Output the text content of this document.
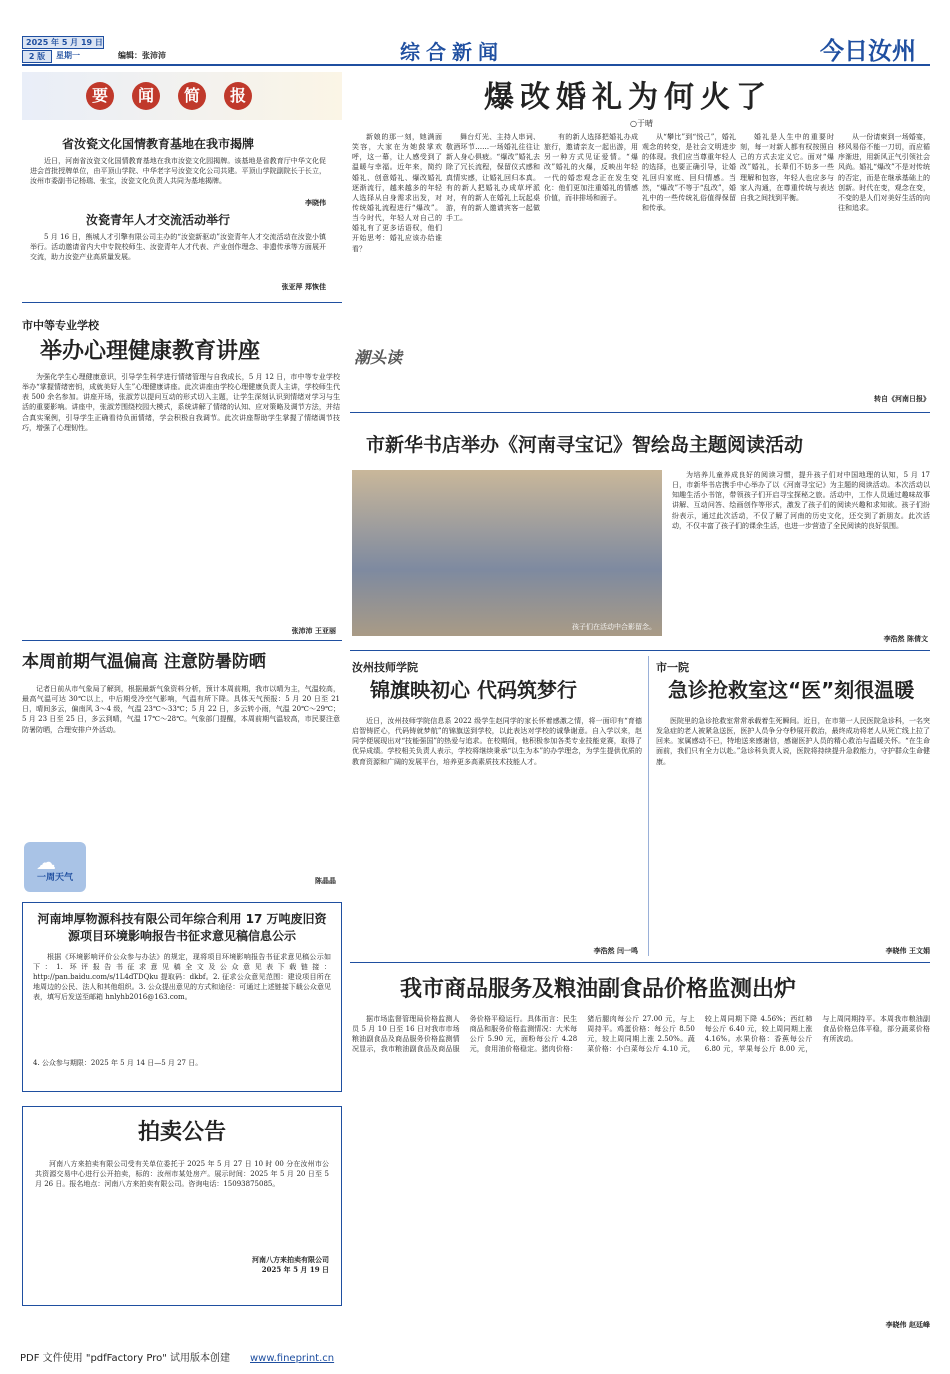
2025 年 5 月 19 日
2 版	星期一	编辑：张沛沛	综合新闻	今日汝州
要	闻	简	报
省汝瓷文化国情教育基地在我市揭牌
近日，河南省汝瓷文化国情教育基地在我市汝瓷文化园揭牌。该基地是省教育厅中华文化促进会首批授牌单位，由平顶山学院、中华老字号汝瓷文化公司共建。平顶山学院副院长于长立，汝州市委副书记杨瑞、张宝，汝瓷文化负责人共同为基地揭牌。
李晓伟
汝瓷青年人才交流活动举行
5 月 16 日，熊城人才引擎有限公司主办的“汝瓷新驱动”汝瓷青年人才交流活动在汝瓷小镇举行。活动邀请省内大中专院校师生、汝瓷青年人才代表、产业创作理念、非遗传承等方面展开交流，助力汝瓷产业高质量发展。
张亚萍 郑恢佳
市中等专业学校
举办心理健康教育讲座
为强化学生心理健康意识，引导学生科学进行情绪管理与自我成长，5 月 12 日，市中等专业学校举办“掌握情绪密钥，成就美好人生”心理健康讲座。此次讲座由学校心理健康负责人主讲，学校师生代表 500 余名参加。讲座开场，张淑芳以提问互动的形式切入主题，让学生深刻认识到情绪对学习与生活的重要影响。讲座中，张淑芳围绕校园大模式，系统讲解了情绪的认知、应对策略及调节方法，并结合真实案例，引导学生正确看待负面情绪，学会积极自我调节。此次讲座帮助学生掌握了情绪调节技巧，增强了心理韧性。
张沛沛 王亚丽
本周前期气温偏高 注意防暑防晒
记者日前从市气象局了解到，根据最新气象资料分析，预计本周前期，我市以晴为主，气温较高，最高气温可达 30℃以上，中后期受冷空气影响，气温有所下降。具体天气预报：5 月 20 日至 21 日，晴间多云，偏南风 3～4 级，气温 23℃～33℃；5 月 22 日，多云转小雨，气温 20℃～29℃；5 月 23 日至 25 日，多云到晴，气温 17℃～28℃。气象部门提醒，本周前期气温较高，市民要注意防暑防晒，合理安排户外活动。
☁
一周天气	陈晶晶
河南坤厚物源科技有限公司年综合利用 17 万吨废旧资源项目环境影响报告书征求意见稿信息公示
根据《环境影响评价公众参与办法》的规定，现将项目环境影响报告书征求意见稿公示如下：1. 环评报告书征求意见稿全文及公众意见表下载链接：http://pan.baidu.com/s/1L4dTDQku 提取码：dkbf。2. 征求公众意见范围：建设项目所在地周边的公民、法人和其他组织。3. 公众提出意见的方式和途径：可通过上述链接下载公众意见表，填写后发送至邮箱 hnlyhb2016@163.com。
4. 公众参与期限：2025 年 5 月 14 日—5 月 27 日。
拍卖公告
河南八方来拍卖有限公司受有关单位委托于 2025 年 5 月 27 日 10 时 00 分在汝州市公共资源交易中心进行公开拍卖，标的：汝州市某处房产。展示时间：2025 年 5 月 20 日至 5 月 26 日。报名地点：河南八方来拍卖有限公司。咨询电话：15093875085。
河南八方来拍卖有限公司
2025 年 5 月 19 日
爆改婚礼为何火了
○于晴
新娘的那一刻，她满面笑容，大家在为她鼓掌欢呼，这一幕，让人感受到了温暖与幸福。近年来，简约婚礼、创意婚礼、爆改婚礼逐渐流行，越来越多的年轻人选择从自身需求出发，对传统婚礼流程进行“爆改”。当今时代，年轻人对自己的婚礼有了更多话语权，他们开始思考：婚礼应该办给谁看？
潮头读
舞台灯光、主持人串词、敬酒环节……一场婚礼往往让新人身心俱疲。“爆改”婚礼去除了冗长流程，保留仪式感和真情实感，让婚礼回归本真。有的新人把婚礼办成草坪派对，有的新人在婚礼上玩起桌游，有的新人邀请宾客一起做手工。
有的新人选择把婚礼办成旅行，邀请亲友一起出游，用另一种方式见证爱情。“爆改”婚礼的火爆，反映出年轻一代的婚恋观念正在发生变化：他们更加注重婚礼的情感价值，而非排场和面子。
从“攀比”到“悦己”，婚礼观念的转变，是社会文明进步的体现。我们应当尊重年轻人的选择，也要正确引导，让婚礼回归家庭、回归情感。当然，“爆改”不等于“乱改”，婚礼中的一些传统礼俗值得保留和传承。
婚礼是人生中的重要时刻，每一对新人都有权按照自己的方式去定义它。面对“爆改”婚礼，长辈们不妨多一些理解和包容，年轻人也应多与家人沟通，在尊重传统与表达自我之间找到平衡。
从一份请柬到一场婚宴，移风易俗不能一刀切，而应循序渐进，用新风正气引领社会风尚。婚礼“爆改”不是对传统的否定，而是在继承基础上的创新。时代在变，观念在变，不变的是人们对美好生活的向往和追求。
转自《河南日报》
市新华书店举办《河南寻宝记》智绘岛主题阅读活动
孩子们在活动中合影留念。
为培养儿童养成良好的阅读习惯，提升孩子们对中国地理的认知，5 月 17 日，市新华书店携手中心举办了以《河南寻宝记》为主题的阅读活动。本次活动以知趣生活小书馆，带领孩子们开启寻宝探秘之旅。活动中，工作人员通过趣味故事讲解、互动问答、绘画创作等形式，激发了孩子们的阅读兴趣和求知欲。孩子们纷纷表示，通过此次活动，不仅了解了河南的历史文化，还交到了新朋友。此次活动，不仅丰富了孩子们的课余生活，也进一步营造了全民阅读的良好氛围。
李浩然 陈倩文
汝州技师学院
锦旗映初心 代码筑梦行
近日，汝州技师学院信息系 2022 级学生赵同学的家长怀着感激之情，将一面印有“育德启智铸匠心，代码铸就梦航”的锦旗送到学校，以此表达对学校的诚挚谢意。自入学以来，赵同学便展现出对“技能强国”的热爱与追求。在校期间，他积极参加各类专业技能竞赛，取得了优异成绩。学校相关负责人表示，学校将继续秉承“以生为本”的办学理念，为学生提供优质的教育资源和广阔的发展平台，培养更多高素质技术技能人才。
李浩然 闫一鸣
市一院
急诊抢救室这“医”刻很温暖
医院里的急诊抢救室常常承载着生死瞬间。近日，在市第一人民医院急诊科，一名突发急症的老人被紧急送医，医护人员争分夺秒展开救治，最终成功将老人从死亡线上拉了回来。家属感动不已，特地送来感谢信，感谢医护人员的精心救治与温暖关怀。“在生命面前，我们只有全力以赴。”急诊科负责人说，医院将持续提升急救能力，守护群众生命健康。
李晓伟 王文娟
我市商品服务及粮油副食品价格监测出炉
据市场监督管理局价格监测人员 5 月 10 日至 16 日对我市市场粮油副食品及商品服务价格监测情况显示，我市粮油副食品及商品服务价格平稳运行。具体而言：民生商品和服务价格监测情况：大米每公斤 5.90 元，面粉每公斤 4.28 元，食用油价格稳定。猪肉价格：猪后腿肉每公斤 27.00 元，与上周持平。鸡蛋价格：每公斤 8.50 元，较上周同期上涨 2.50%。蔬菜价格：小白菜每公斤 4.10 元，较上周同期下降 4.56%；西红柿每公斤 6.40 元，较上周同期上涨 4.16%。水果价格：香蕉每公斤 6.80 元，苹果每公斤 8.00 元，与上周同期持平。本周我市粮油副食品价格总体平稳，部分蔬菜价格有所波动。
李晓伟 赵廷峰
PDF 文件使用 "pdfFactory Pro" 试用版本创建 www.fineprint.cn
